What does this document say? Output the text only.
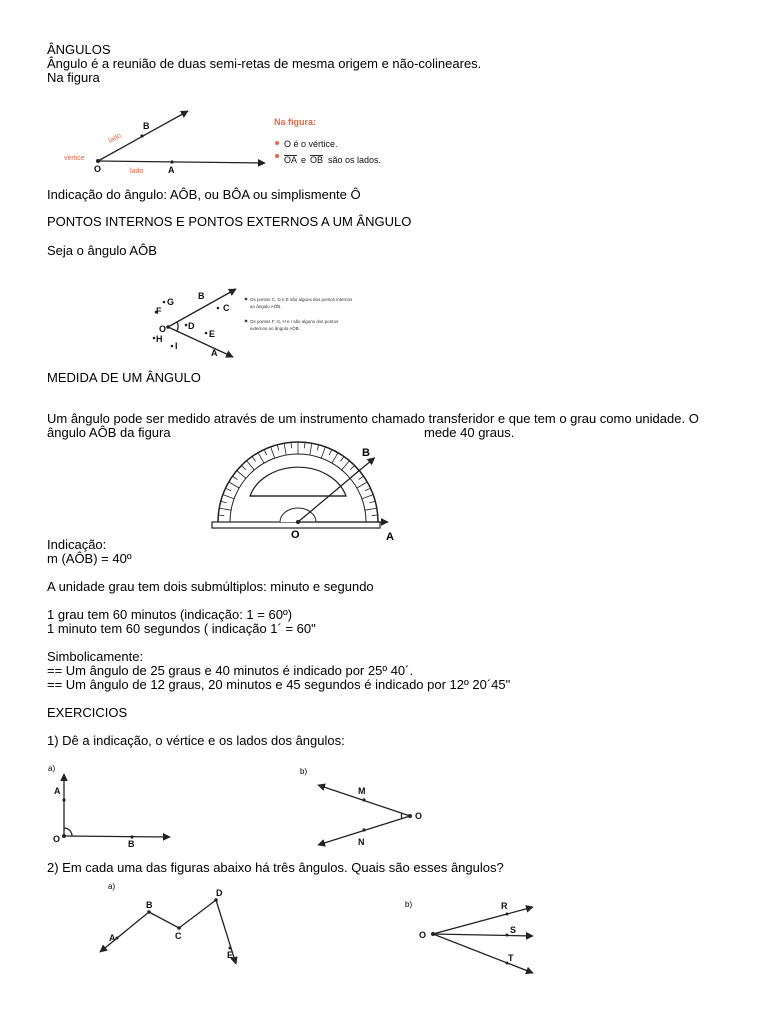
ÂNGULOS
Ângulo é a reunião de duas semi-retas de mesma origem e não-colineares.
Na figura
B
A
O
vértice
lado
lado
Na figura:
O é o vértice.
OA e OB são os lados.
Indicação do ângulo: AÔB, ou BÔA ou simplismente Ô
PONTOS INTERNOS E PONTOS EXTERNOS A UM ÂNGULO
Seja o ângulo AÔB
B
A
O
C
D
E
F
G
H
I
Os pontos C, D e E são alguns dos pontos internos
ao ângulo AÔB.
Os pontos F, G, H e I são alguns dos pontos
externos ao ângulo AÔB.
MEDIDA DE UM ÂNGULO
Um ângulo pode ser medido através de um instrumento chamado transferidor e que tem o grau como unidade. O
ângulo AÔB da figura	mede 40 graus.
B
O	A
Indicação:
m (AÔB) = 40º
A unidade grau tem dois submúltiplos: minuto e segundo
1 grau tem 60 minutos (indicação: 1 = 60º)
1 minuto tem 60 segundos ( indicação 1´ = 60"
Simbolicamente:
== Um ângulo de 25 graus e 40 minutos é indicado por 25º 40´.
== Um ângulo de 12 graus, 20 minutos e 45 segundos é indicado por 12º 20´45"
EXERCICIOS
1) Dê a indicação, o vértice e os lados dos ângulos:
a)
A
O	B
b)
M
O
N
2) Em cada uma das figuras abaixo há três ângulos. Quais são esses ângulos?
a)
A
B
C
D
E
b)
O
R
S
T
